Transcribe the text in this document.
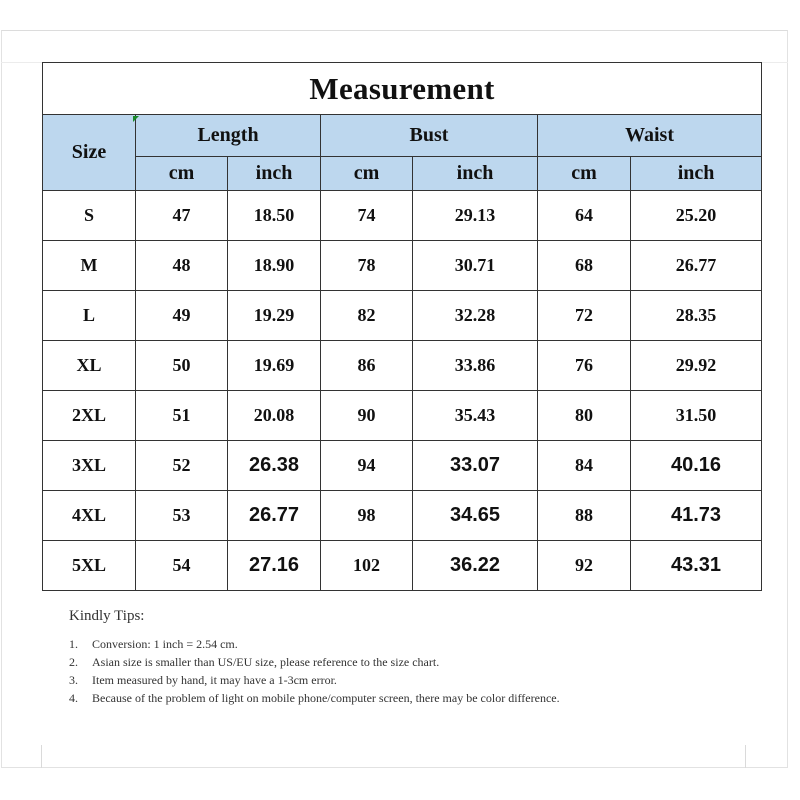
Measurement						
Size	Length		Bust		Waist	
	cm	inch	cm	inch	cm	inch
S	47	18.50	74	29.13	64	25.20
M	48	18.90	78	30.71	68	26.77
L	49	19.29	82	32.28	72	28.35
XL	50	19.69	86	33.86	76	29.92
2XL	51	20.08	90	35.43	80	31.50
3XL	52	26.38	94	33.07	84	40.16
4XL	53	26.77	98	34.65	88	41.73
5XL	54	27.16	102	36.22	92	43.31
Kindly Tips:
1.	Conversion: 1 inch = 2.54 cm.
2.	Asian size is smaller than US/EU size, please reference to the size chart.
3.	Item measured by hand, it may have a 1-3cm error.
4.	Because of the problem of light on mobile phone/computer screen, there may be color difference.
